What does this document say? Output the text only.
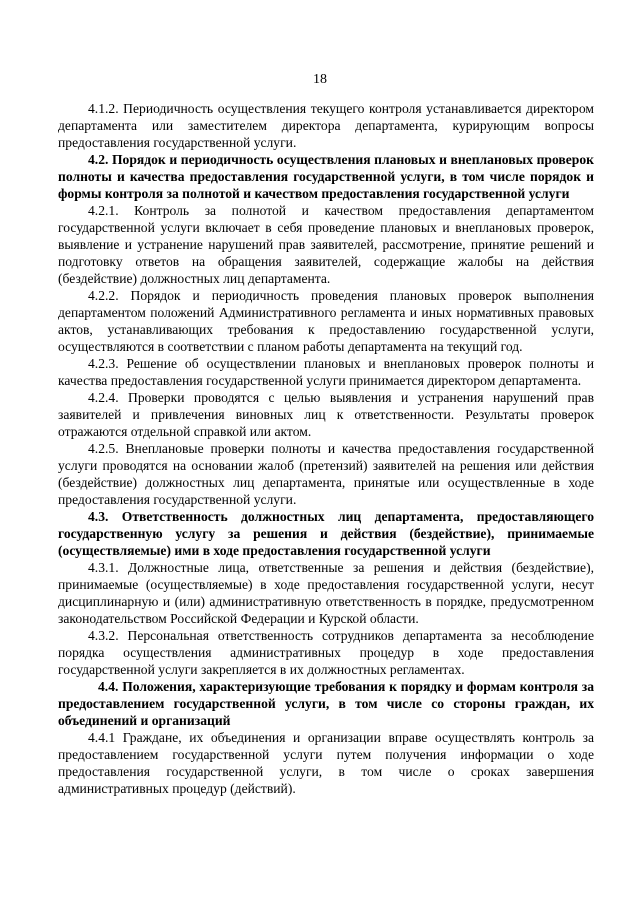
18

4.1.2. Периодичность осуществления текущего контроля устанавливается директором департамента или заместителем директора департамента, курирующим вопросы предоставления государственной услуги.

4.2. Порядок и периодичность осуществления плановых и внеплановых проверок полноты и качества предоставления государственной услуги, в том числе порядок и формы контроля за полнотой и качеством предоставления государственной услуги

4.2.1. Контроль за полнотой и качеством предоставления департаментом государственной услуги включает в себя проведение плановых и внеплановых проверок, выявление и устранение нарушений прав заявителей, рассмотрение, принятие решений и подготовку ответов на обращения заявителей, содержащие жалобы на действия (бездействие) должностных лиц департамента.

4.2.2. Порядок и периодичность проведения плановых проверок выполнения департаментом положений Административного регламента и иных нормативных правовых актов, устанавливающих требования к предоставлению государственной услуги, осуществляются в соответствии с планом работы департамента на текущий год.

4.2.3. Решение об осуществлении плановых и внеплановых проверок полноты и качества предоставления государственной услуги принимается директором департамента.

4.2.4. Проверки проводятся с целью выявления и устранения нарушений прав заявителей и привлечения виновных лиц к ответственности. Результаты проверок отражаются отдельной справкой или актом.

4.2.5. Внеплановые проверки полноты и качества предоставления государственной услуги проводятся на основании жалоб (претензий) заявителей на решения или действия (бездействие) должностных лиц департамента, принятые или осуществленные в ходе предоставления государственной услуги.

4.3. Ответственность должностных лиц департамента, предоставляющего государственную услугу за решения и действия (бездействие), принимаемые (осуществляемые) ими в ходе предоставления государственной услуги

4.3.1. Должностные лица, ответственные за решения и действия (бездействие), принимаемые (осуществляемые) в ходе предоставления государственной услуги, несут дисциплинарную и (или) административную ответственность в порядке, предусмотренном законодательством Российской Федерации и Курской области.

4.3.2. Персональная ответственность сотрудников департамента за несоблюдение порядка осуществления административных процедур в ходе предоставления государственной услуги закрепляется в их должностных регламентах.

4.4. Положения, характеризующие требования к порядку и формам контроля за предоставлением государственной услуги, в том числе со стороны граждан, их объединений и организаций

4.4.1 Граждане, их объединения и организации вправе осуществлять контроль за предоставлением государственной услуги путем получения информации о ходе предоставления государственной услуги, в том числе о сроках завершения административных процедур (действий).
